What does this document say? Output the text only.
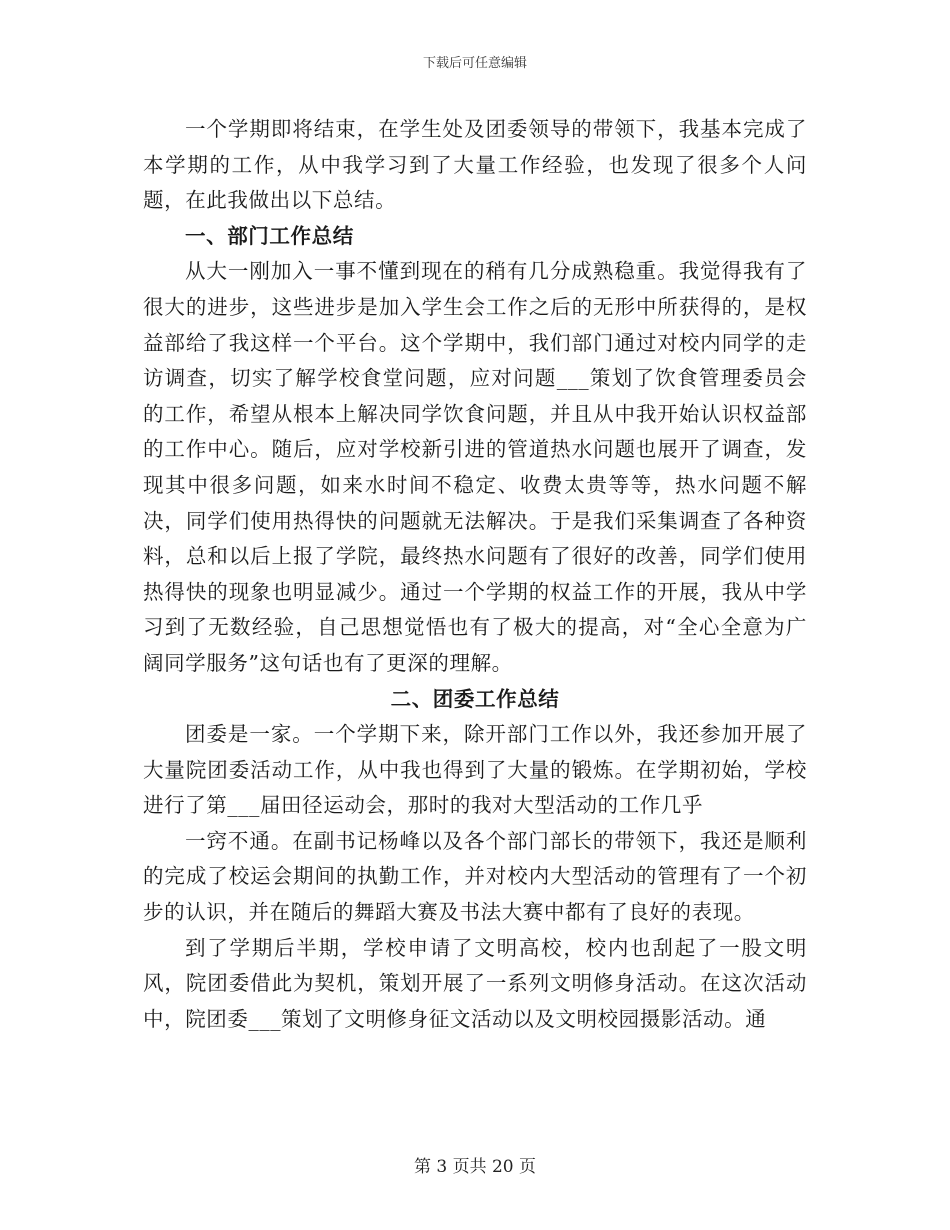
下载后可任意编辑

一个学期即将结束，在学生处及团委领导的带领下，我基本完成了本学期的工作，从中我学习到了大量工作经验，也发现了很多个人问题，在此我做出以下总结。

一、部门工作总结

从大一刚加入一事不懂到现在的稍有几分成熟稳重。我觉得我有了很大的进步，这些进步是加入学生会工作之后的无形中所获得的，是权益部给了我这样一个平台。这个学期中，我们部门通过对校内同学的走访调查，切实了解学校食堂问题，应对问题___策划了饮食管理委员会的工作，希望从根本上解决同学饮食问题，并且从中我开始认识权益部的工作中心。随后，应对学校新引进的管道热水问题也展开了调查，发现其中很多问题，如来水时间不稳定、收费太贵等等，热水问题不解决，同学们使用热得快的问题就无法解决。于是我们采集调查了各种资料，总和以后上报了学院，最终热水问题有了很好的改善，同学们使用热得快的现象也明显减少。通过一个学期的权益工作的开展，我从中学习到了无数经验，自己思想觉悟也有了极大的提高，对“全心全意为广阔同学服务”这句话也有了更深的理解。

二、团委工作总结

团委是一家。一个学期下来，除开部门工作以外，我还参加开展了大量院团委活动工作，从中我也得到了大量的锻炼。在学期初始，学校进行了第___届田径运动会，那时的我对大型活动的工作几乎

一窍不通。在副书记杨峰以及各个部门部长的带领下，我还是顺利的完成了校运会期间的执勤工作，并对校内大型活动的管理有了一个初步的认识，并在随后的舞蹈大赛及书法大赛中都有了良好的表现。

到了学期后半期，学校申请了文明高校，校内也刮起了一股文明风，院团委借此为契机，策划开展了一系列文明修身活动。在这次活动中，院团委___策划了文明修身征文活动以及文明校园摄影活动。通

第 3 页共 20 页
